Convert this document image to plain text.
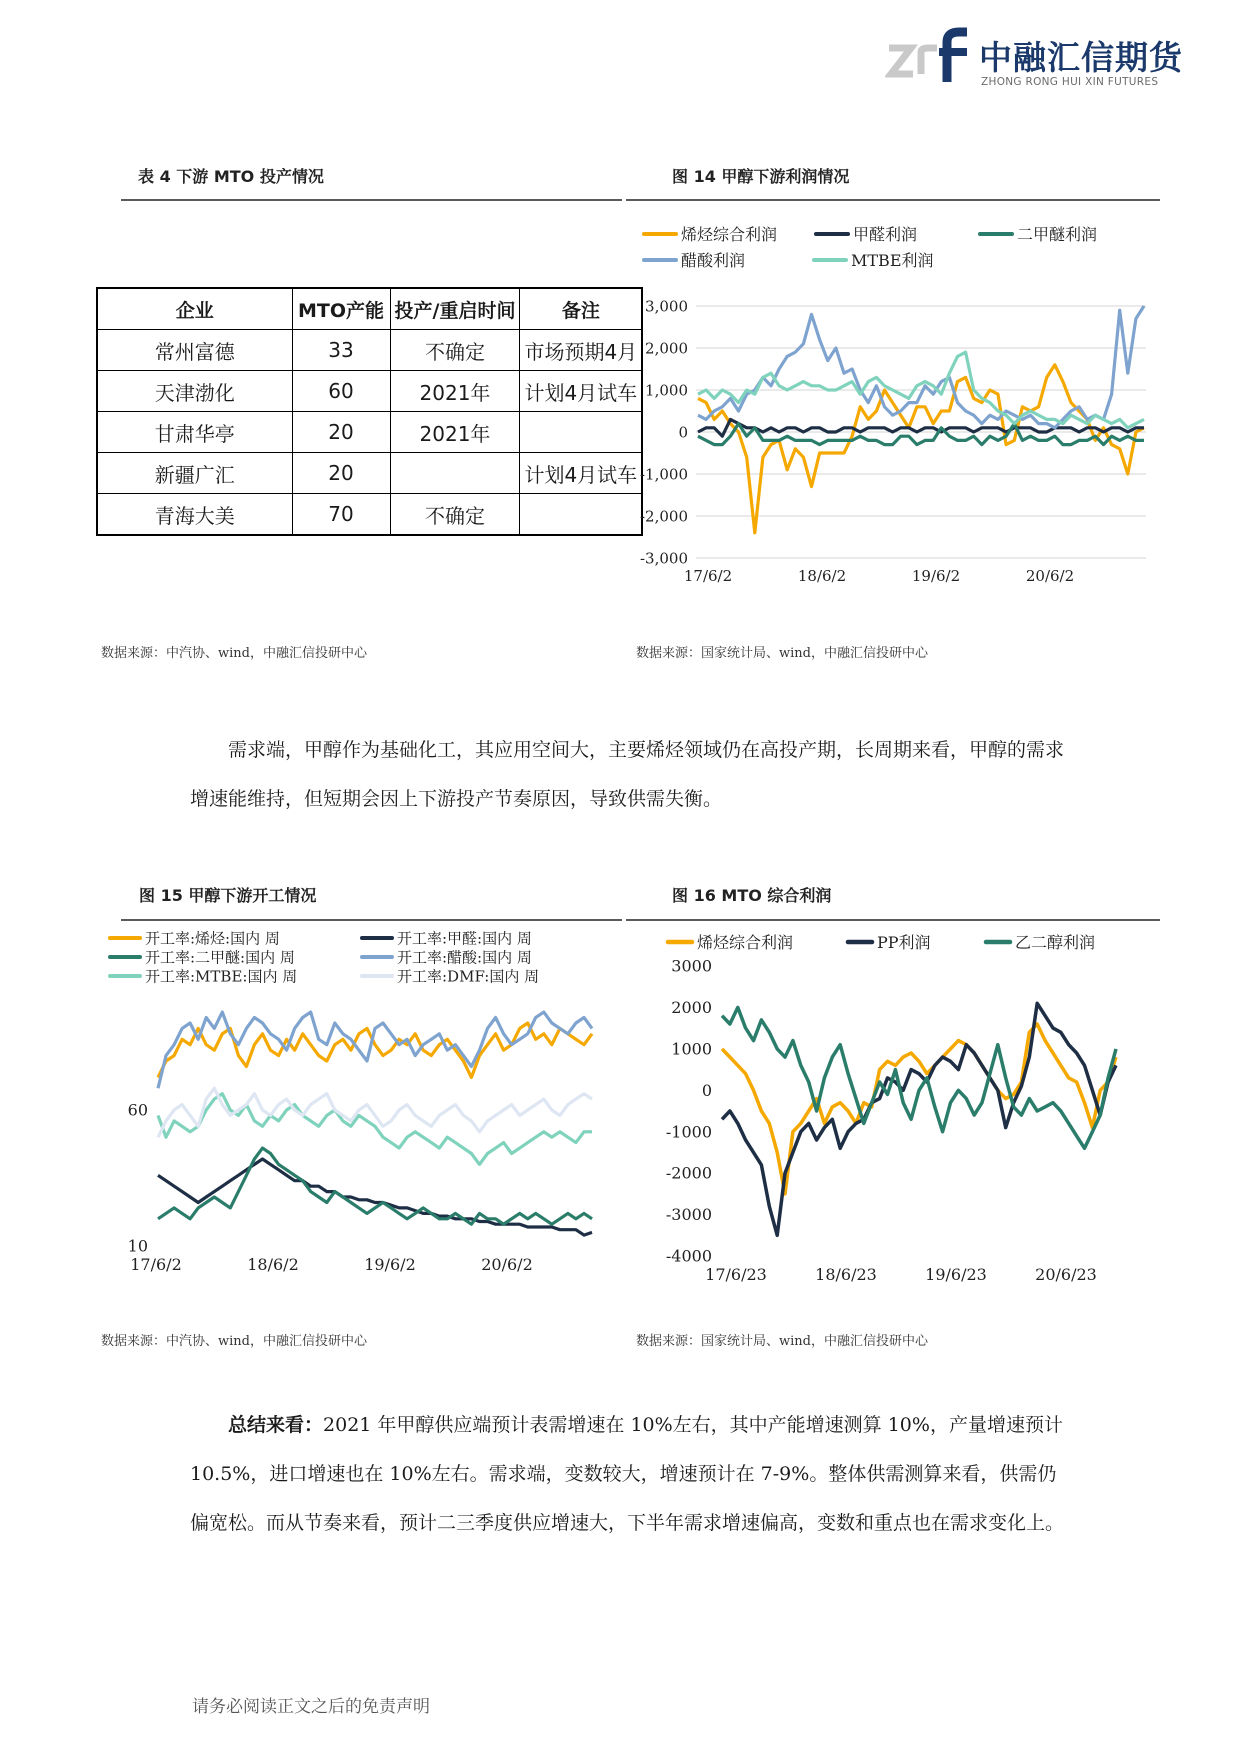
中融汇信期货
ZHONG RONG HUI XIN FUTURES
表 4 下游 MTO 投产情况	图 14 甲醇下游利润情况
企业	MTO产能	投产/重启时间	备注
常州富德	33	不确定	市场预期4月
天津渤化	60	2021年	计划4月试车
甘肃华亭	20	2021年	
新疆广汇	20		计划4月试车
青海大美	70	不确定	
烯烃综合利润	甲醛利润	二甲醚利润
醋酸利润	MTBE利润
3,000
2,000
1,000
0
-1,000
-2,000
-3,000
17/6/2	18/6/2	19/6/2	20/6/2
数据来源：中汽协、wind，中融汇信投研中心	数据来源：国家统计局、wind，中融汇信投研中心
需求端，甲醇作为基础化工，其应用空间大，主要烯烃领域仍在高投产期，长周期来看，甲醇的需求增速能维持，但短期会因上下游投产节奏原因，导致供需失衡。
图 15 甲醇下游开工情况	图 16 MTO 综合利润
开工率:烯烃:国内 周	开工率:甲醛:国内 周
开工率:二甲醚:国内 周	开工率:醋酸:国内 周
开工率:MTBE:国内 周	开工率:DMF:国内 周
60
10
17/6/2	18/6/2	19/6/2	20/6/2
烯烃综合利润	PP利润	乙二醇利润
3000
2000
1000
0
-1000
-2000
-3000
-4000
17/6/23	18/6/23	19/6/23	20/6/23
数据来源：中汽协、wind，中融汇信投研中心	数据来源：国家统计局、wind，中融汇信投研中心
总结来看：2021 年甲醇供应端预计表需增速在 10%左右，其中产能增速测算 10%，产量增速预计 10.5%，进口增速也在 10%左右。需求端，变数较大，增速预计在 7-9%。整体供需测算来看，供需仍偏宽松。而从节奏来看，预计二三季度供应增速大，下半年需求增速偏高，变数和重点也在需求变化上。
请务必阅读正文之后的免责声明
